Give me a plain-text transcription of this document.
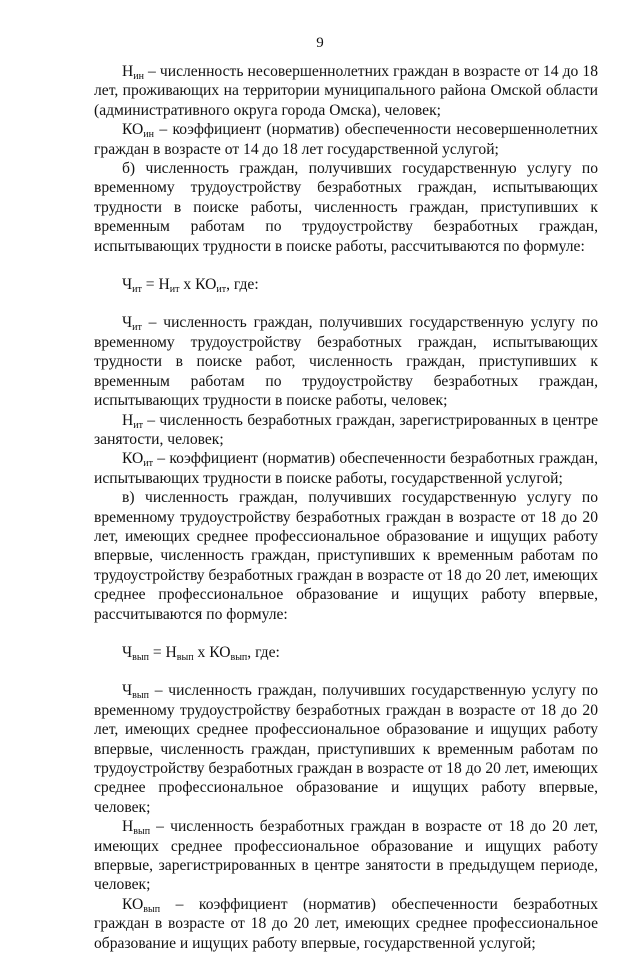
9

$Н_{ин}$ – численность несовершеннолетних граждан в возрасте от 14 до 18 лет, проживающих на территории муниципального района Омской области (административного округа города Омска), человек;

$КО_{ин}$ – коэффициент (норматив) обеспеченности несовершеннолетних граждан в возрасте от 14 до 18 лет государственной услугой;

б) численность граждан, получивших государственную услугу по временному трудоустройству безработных граждан, испытывающих трудности в поиске работы, численность граждан, приступивших к временным работам по трудоустройству безработных граждан, испытывающих трудности в поиске работы, рассчитываются по формуле:

$Ч_{ит} = Н_{ит}$ х $КО_{ит}$, где:

$Ч_{ит}$ – численность граждан, получивших государственную услугу по временному трудоустройству безработных граждан, испытывающих трудности в поиске работ, численность граждан, приступивших к временным работам по трудоустройству безработных граждан, испытывающих трудности в поиске работы, человек;

$Н_{ит}$ – численность безработных граждан, зарегистрированных в центре занятости, человек;

$КО_{ит}$ – коэффициент (норматив) обеспеченности безработных граждан, испытывающих трудности в поиске работы, государственной услугой;

в) численность граждан, получивших государственную услугу по временному трудоустройству безработных граждан в возрасте от 18 до 20 лет, имеющих среднее профессиональное образование и ищущих работу впервые, численность граждан, приступивших к временным работам по трудоустройству безработных граждан в возрасте от 18 до 20 лет, имеющих среднее профессиональное образование и ищущих работу впервые, рассчитываются по формуле:

$Ч_{вып} = Н_{вып}$ х $КО_{вып}$, где:

$Ч_{вып}$ – численность граждан, получивших государственную услугу по временному трудоустройству безработных граждан в возрасте от 18 до 20 лет, имеющих среднее профессиональное образование и ищущих работу впервые, численность граждан, приступивших к временным работам по трудоустройству безработных граждан в возрасте от 18 до 20 лет, имеющих среднее профессиональное образование и ищущих работу впервые, человек;

$Н_{вып}$ – численность безработных граждан в возрасте от 18 до 20 лет, имеющих среднее профессиональное образование и ищущих работу впервые, зарегистрированных в центре занятости в предыдущем периоде, человек;

$КО_{вып}$ – коэффициент (норматив) обеспеченности безработных граждан в возрасте от 18 до 20 лет, имеющих среднее профессиональное образование и ищущих работу впервые, государственной услугой;
